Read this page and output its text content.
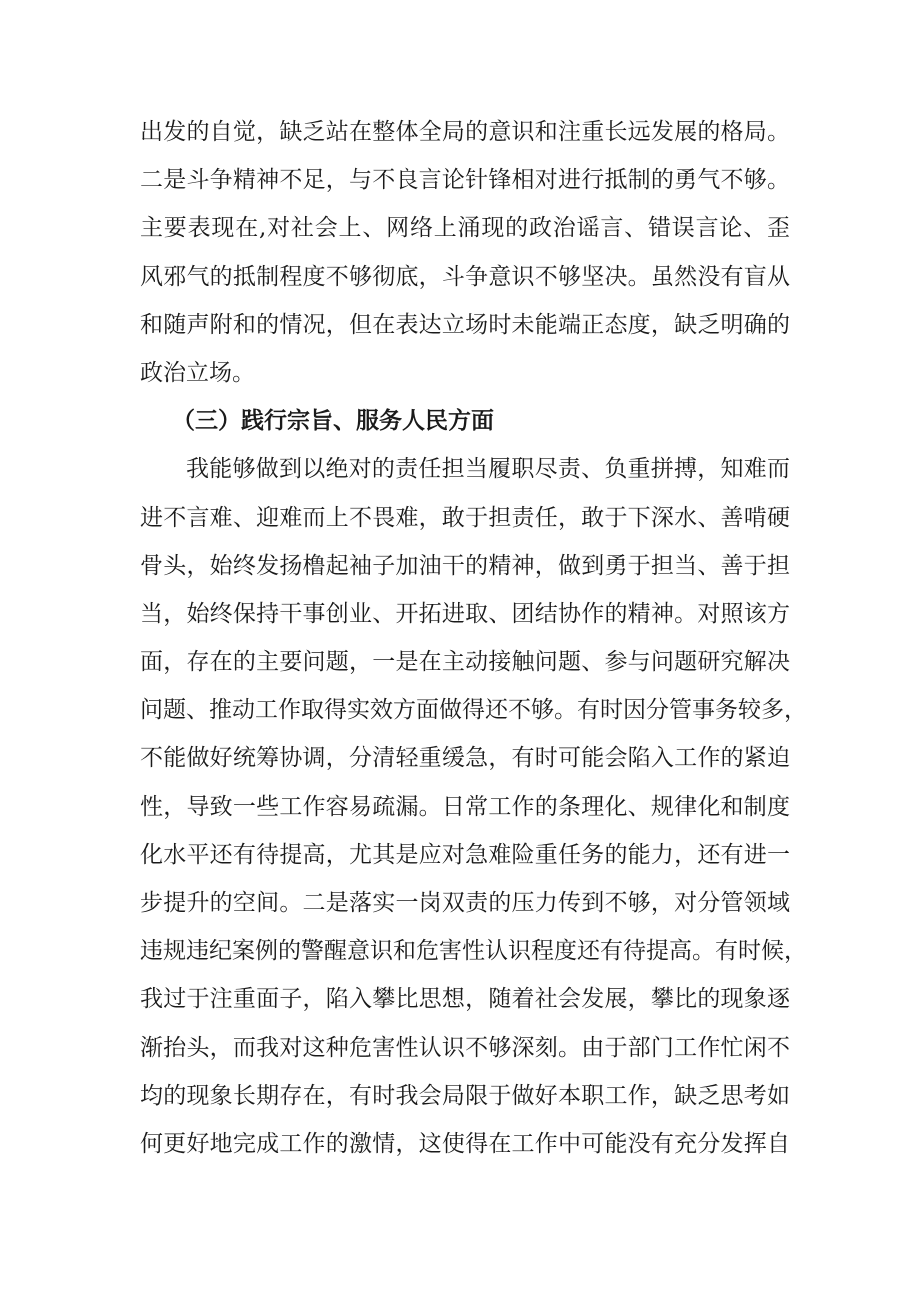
出发的自觉，缺乏站在整体全局的意识和注重长远发展的格局。
二是斗争精神不足，与不良言论针锋相对进行抵制的勇气不够。
主要表现在,对社会上、网络上涌现的政治谣言、错误言论、歪
风邪气的抵制程度不够彻底，斗争意识不够坚决。虽然没有盲从
和随声附和的情况，但在表达立场时未能端正态度，缺乏明确的
政治立场。
（三）践行宗旨、服务人民方面
我能够做到以绝对的责任担当履职尽责、负重拼搏，知难而
进不言难、迎难而上不畏难，敢于担责任，敢于下深水、善啃硬
骨头，始终发扬橹起袖子加油干的精神，做到勇于担当、善于担
当，始终保持干事创业、开拓进取、团结协作的精神。对照该方
面，存在的主要问题，一是在主动接触问题、参与问题研究解决
问题、推动工作取得实效方面做得还不够。有时因分管事务较多，
不能做好统筹协调，分清轻重缓急，有时可能会陷入工作的紧迫
性，导致一些工作容易疏漏。日常工作的条理化、规律化和制度
化水平还有待提高，尤其是应对急难险重任务的能力，还有进一
步提升的空间。二是落实一岗双责的压力传到不够，对分管领域
违规违纪案例的警醒意识和危害性认识程度还有待提高。有时候，
我过于注重面子，陷入攀比思想，随着社会发展，攀比的现象逐
渐抬头，而我对这种危害性认识不够深刻。由于部门工作忙闲不
均的现象长期存在，有时我会局限于做好本职工作，缺乏思考如
何更好地完成工作的激情，这使得在工作中可能没有充分发挥自
